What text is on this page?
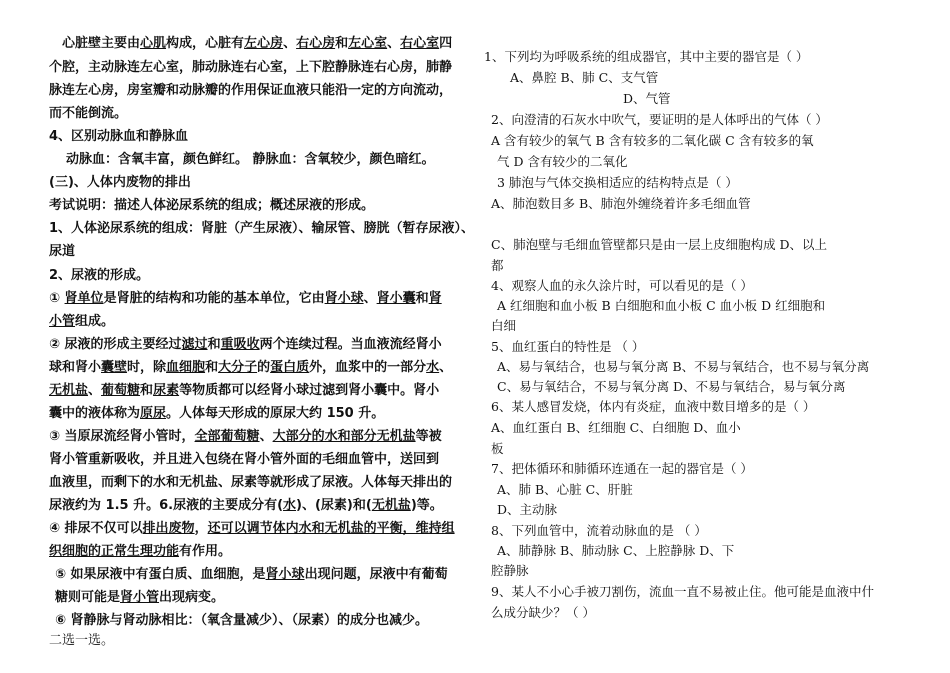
心脏壁主要由心肌构成，心脏有左心房、右心房和左心室、右心室四
个腔，主动脉连左心室，肺动脉连右心室，上下腔静脉连右心房，肺静
脉连左心房，房室瓣和动脉瓣的作用保证血液只能沿一定的方向流动，
而不能倒流。
4、区别动脉血和静脉血
动脉血：含氧丰富，颜色鲜红。 静脉血：含氧较少，颜色暗红。
(三)、人体内废物的排出
考试说明：描述人体泌尿系统的组成；概述尿液的形成。
1、人体泌尿系统的组成：肾脏（产生尿液）、输尿管、膀胱（暂存尿液）、
尿道
2、尿液的形成。
① 肾单位是肾脏的结构和功能的基本单位，它由肾小球、肾小囊和肾
小管组成。
② 尿液的形成主要经过滤过和重吸收两个连续过程。当血液流经肾小
球和肾小囊壁时，除血细胞和大分子的蛋白质外，血浆中的一部分水、
无机盐、葡萄糖和尿素等物质都可以经肾小球过滤到肾小囊中。肾小
囊中的液体称为原尿。人体每天形成的原尿大约 150 升。
③ 当原尿流经肾小管时，全部葡萄糖、大部分的水和部分无机盐等被
肾小管重新吸收，并且进入包绕在肾小管外面的毛细血管中，送回到
血液里，而剩下的水和无机盐、尿素等就形成了尿液。人体每天排出的
尿液约为 1.5 升。6.尿液的主要成分有(水)、(尿素)和(无机盐)等。
④ 排尿不仅可以排出废物，还可以调节体内水和无机盐的平衡，维持组
织细胞的正常生理功能有作用。
⑤ 如果尿液中有蛋白质、血细胞，是肾小球出现问题，尿液中有葡萄
糖则可能是肾小管出现病变。
⑥ 肾静脉与肾动脉相比：（氧含量减少）、（尿素）的成分也减少。
二选一选。
1、下列均为呼吸系统的组成器官，其中主要的器官是（ ）
A、鼻腔 B、肺 C、支气管
D、气管
2、向澄清的石灰水中吹气，要证明的是人体呼出的气体（ ）
A 含有较少的氧气 B 含有较多的二氧化碳 C 含有较多的氧
气 D 含有较少的二氧化
3 肺泡与气体交换相适应的结构特点是（ ）
A、肺泡数目多 B、肺泡外缠绕着许多毛细血管
C、肺泡壁与毛细血管壁都只是由一层上皮细胞构成 D、以上
都
4、观察人血的永久涂片时，可以看见的是（ ）
A 红细胞和血小板 B 白细胞和血小板 C 血小板 D 红细胞和
白细
5、血红蛋白的特性是 （ ）
A、易与氧结合，也易与氧分离 B、不易与氧结合，也不易与氧分离
C、易与氧结合，不易与氧分离 D、不易与氧结合，易与氧分离
6、某人感冒发烧，体内有炎症，血液中数目增多的是（ ）
A、血红蛋白 B、红细胞 C、白细胞 D、血小
板
7、把体循环和肺循环连通在一起的器官是（ ）
A、肺 B、心脏 C、肝脏
D、主动脉
8、下列血管中，流着动脉血的是 （ ）
A、肺静脉 B、肺动脉 C、上腔静脉 D、下
腔静脉
9、某人不小心手被刀割伤，流血一直不易被止住。他可能是血液中什
么成分缺少？（ ）
